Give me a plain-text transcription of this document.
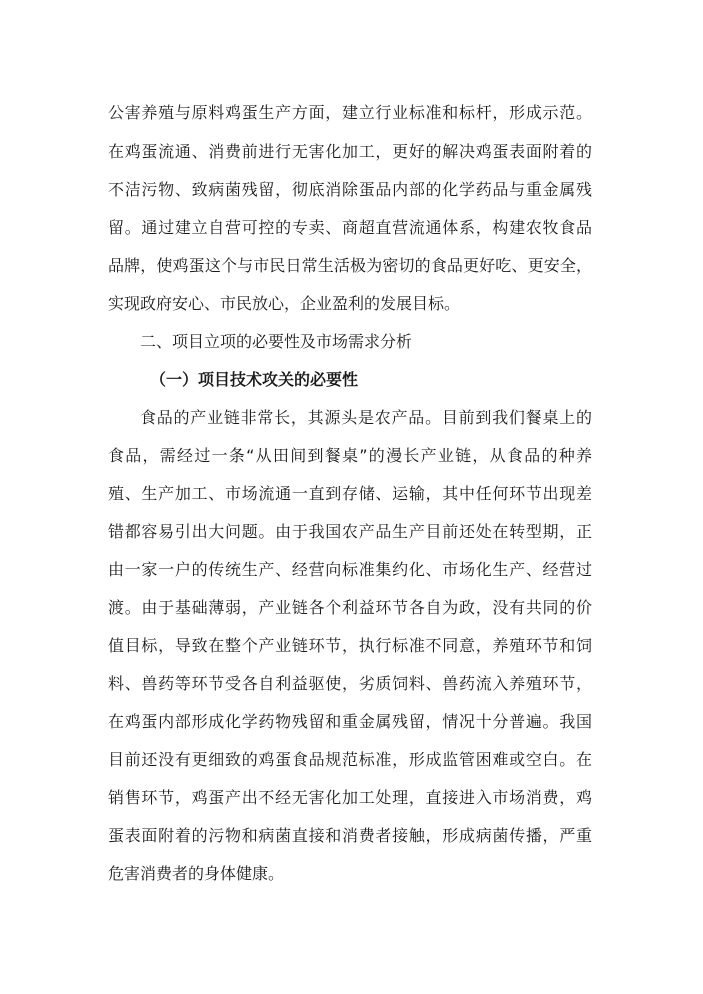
公害养殖与原料鸡蛋生产方面，建立行业标准和标杆，形成示范。
在鸡蛋流通、消费前进行无害化加工，更好的解决鸡蛋表面附着的
不洁污物、致病菌残留，彻底消除蛋品内部的化学药品与重金属残
留。通过建立自营可控的专卖、商超直营流通体系，构建农牧食品
品牌，使鸡蛋这个与市民日常生活极为密切的食品更好吃、更安全，
实现政府安心、市民放心，企业盈利的发展目标。
二、项目立项的必要性及市场需求分析
（一）项目技术攻关的必要性
食品的产业链非常长，其源头是农产品。目前到我们餐桌上的
食品，需经过一条“从田间到餐桌”的漫长产业链，从食品的种养
殖、生产加工、市场流通一直到存储、运输，其中任何环节出现差
错都容易引出大问题。由于我国农产品生产目前还处在转型期，正
由一家一户的传统生产、经营向标准集约化、市场化生产、经营过
渡。由于基础薄弱，产业链各个利益环节各自为政，没有共同的价
值目标，导致在整个产业链环节，执行标准不同意，养殖环节和饲
料、兽药等环节受各自利益驱使，劣质饲料、兽药流入养殖环节，
在鸡蛋内部形成化学药物残留和重金属残留，情况十分普遍。我国
目前还没有更细致的鸡蛋食品规范标准，形成监管困难或空白。在
销售环节，鸡蛋产出不经无害化加工处理，直接进入市场消费，鸡
蛋表面附着的污物和病菌直接和消费者接触，形成病菌传播，严重
危害消费者的身体健康。
